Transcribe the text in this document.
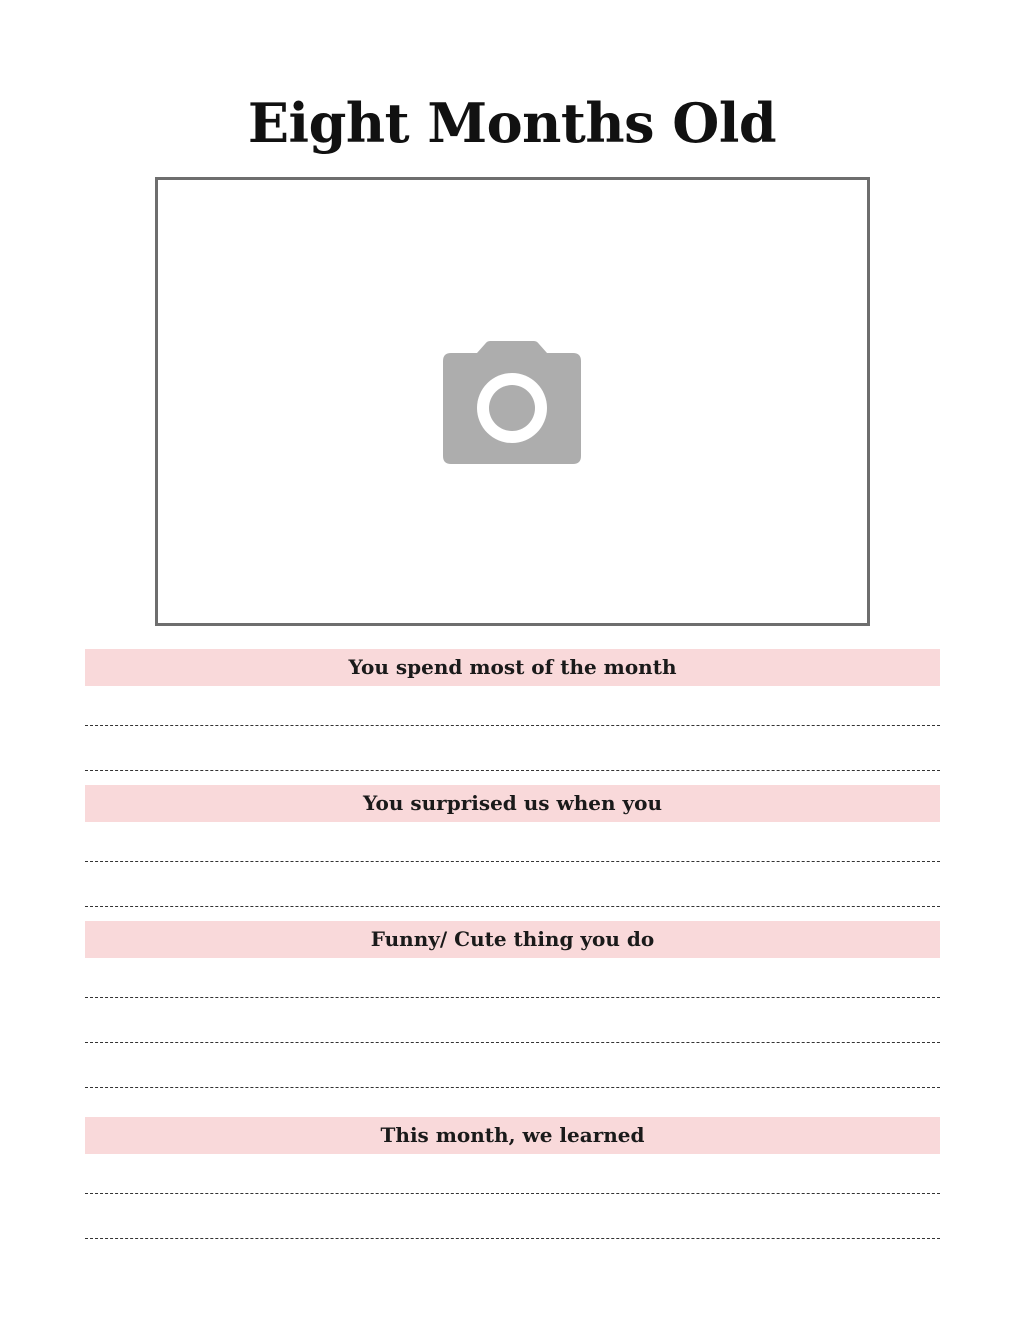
Eight Months Old
You spend most of the month
You surprised us when you
Funny/ Cute thing you do
This month, we learned
